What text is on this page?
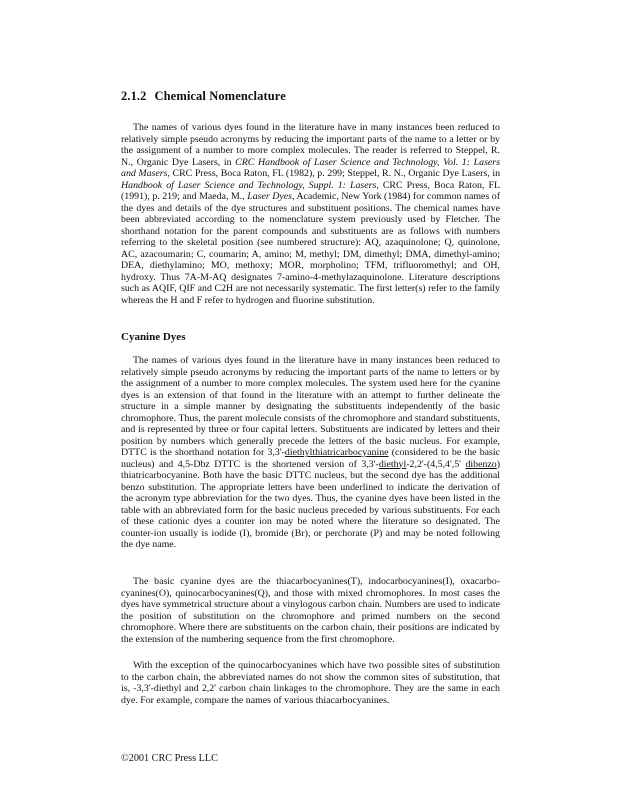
2.1.2 Chemical Nomenclature

The names of various dyes found in the literature have in many instances been reduced to relatively simple pseudo acronyms by reducing the important parts of the name to a letter or by the assignment of a number to more complex molecules. The reader is referred to Steppel, R. N., Organic Dye Lasers, in CRC Handbook of Laser Science and Technology, Vol. 1: Lasers and Masers, CRC Press, Boca Raton, FL (1982), p. 299; Steppel, R. N., Organic Dye Lasers, in Handbook of Laser Science and Technology, Suppl. 1: Lasers, CRC Press, Boca Raton, FL (1991), p. 219; and Maeda, M., Laser Dyes, Academic, New York (1984) for common names of the dyes and details of the dye structures and substituent positions. The chemical names have been abbreviated according to the nomenclature system previously used by Fletcher. The shorthand notation for the parent compounds and substituents are as follows with numbers referring to the skeletal position (see numbered structure): AQ, azaquinolone; Q, quinolone, AC, azacoumarin; C, coumarin; A, amino; M, methyl; DM, dimethyl; DMA, dimethyl-amino; DEA, diethylamino; MO, methoxy; MOR, morpholino; TFM, trifluoromethyl; and OH, hydroxy. Thus 7A-M-AQ designates 7-amino-4-methylazaquinolone. Literature descriptions such as AQIF, QIF and C2H are not necessarily systematic. The first letter(s) refer to the family whereas the H and F refer to hydrogen and fluorine substitution.

Cyanine Dyes

The names of various dyes found in the literature have in many instances been reduced to relatively simple pseudo acronyms by reducing the important parts of the name to letters or by the assignment of a number to more complex molecules. The system used here for the cyanine dyes is an extension of that found in the literature with an attempt to further delineate the structure in a simple manner by designating the substituents independently of the basic chromophore. Thus, the parent molecule consists of the chromophore and standard substituents, and is represented by three or four capital letters. Substituents are indicated by letters and their position by numbers which generally precede the letters of the basic nucleus. For example, DTTC is the shorthand notation for 3,3'-diethylthiatricarbocyanine (considered to be the basic nucleus) and 4,5-Dbz DTTC is the shortened version of 3,3'-diethyl-2,2'-(4,5,4',5' dibenzo) thiatricarbocyanine. Both have the basic DTTC nucleus, but the second dye has the additional benzo substitution. The appropriate letters have been underlined to indicate the derivation of the acronym type abbreviation for the two dyes. Thus, the cyanine dyes have been listed in the table with an abbreviated form for the basic nucleus preceded by various substituents. For each of these cationic dyes a counter ion may be noted where the literature so designated. The counter-ion usually is iodide (I), bromide (Br), or perchorate (P) and may be noted following the dye name.

The basic cyanine dyes are the thiacarbocyanines(T), indocarbocyanines(I), oxacarbo-cyanines(O), quinocarbocyanines(Q), and those with mixed chromophores. In most cases the dyes have symmetrical structure about a vinylogous carbon chain. Numbers are used to indicate the position of substitution on the chromophore and primed numbers on the second chromophore. Where there are substituents on the carbon chain, their positions are indicated by the extension of the numbering sequence from the first chromophore.

With the exception of the quinocarbocyanines which have two possible sites of substitution to the carbon chain, the abbreviated names do not show the common sites of substitution, that is, -3,3'-diethyl and 2,2' carbon chain linkages to the chromophore. They are the same in each dye. For example, compare the names of various thiacarbocyanines.

©2001 CRC Press LLC
